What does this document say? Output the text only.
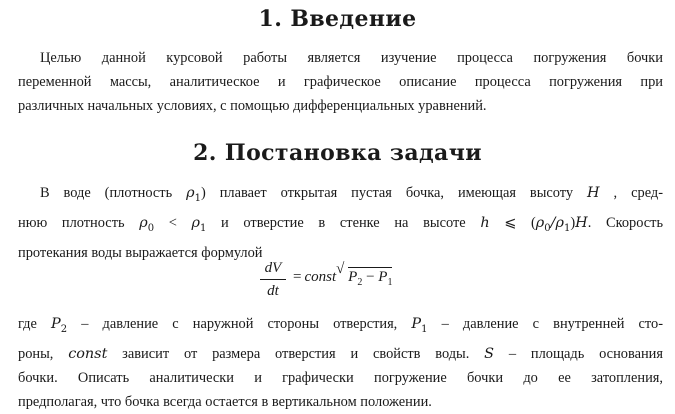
1. Введение
Целью данной курсовой работы является изучение процесса погружения бочки
переменной массы, аналитическое и графическое описание процесса погружения при
различных начальных условиях, с помощью дифференциальных уравнений.
2. Постановка задачи
В воде (плотность $\rho_1$) плавает открытая пустая бочка, имеющая высоту H , сред-
нюю плотность $\rho_0 < \rho_1$ и отверстие в стенке на высоте h ⩽ $(\rho_0/\rho_1)H$. Скорость
протекания воды выражается формулой
dV
dt
= const √ $P_2 - P_1$
где $P_2$ – давление с наружной стороны отверстия, $P_1$ – давление с внутренней сто-
роны, const зависит от размера отверстия и свойств воды. S – площадь основания
бочки. Описать аналитически и графически погружение бочки до ее затопления,
предполагая, что бочка всегда остается в вертикальном положении.
